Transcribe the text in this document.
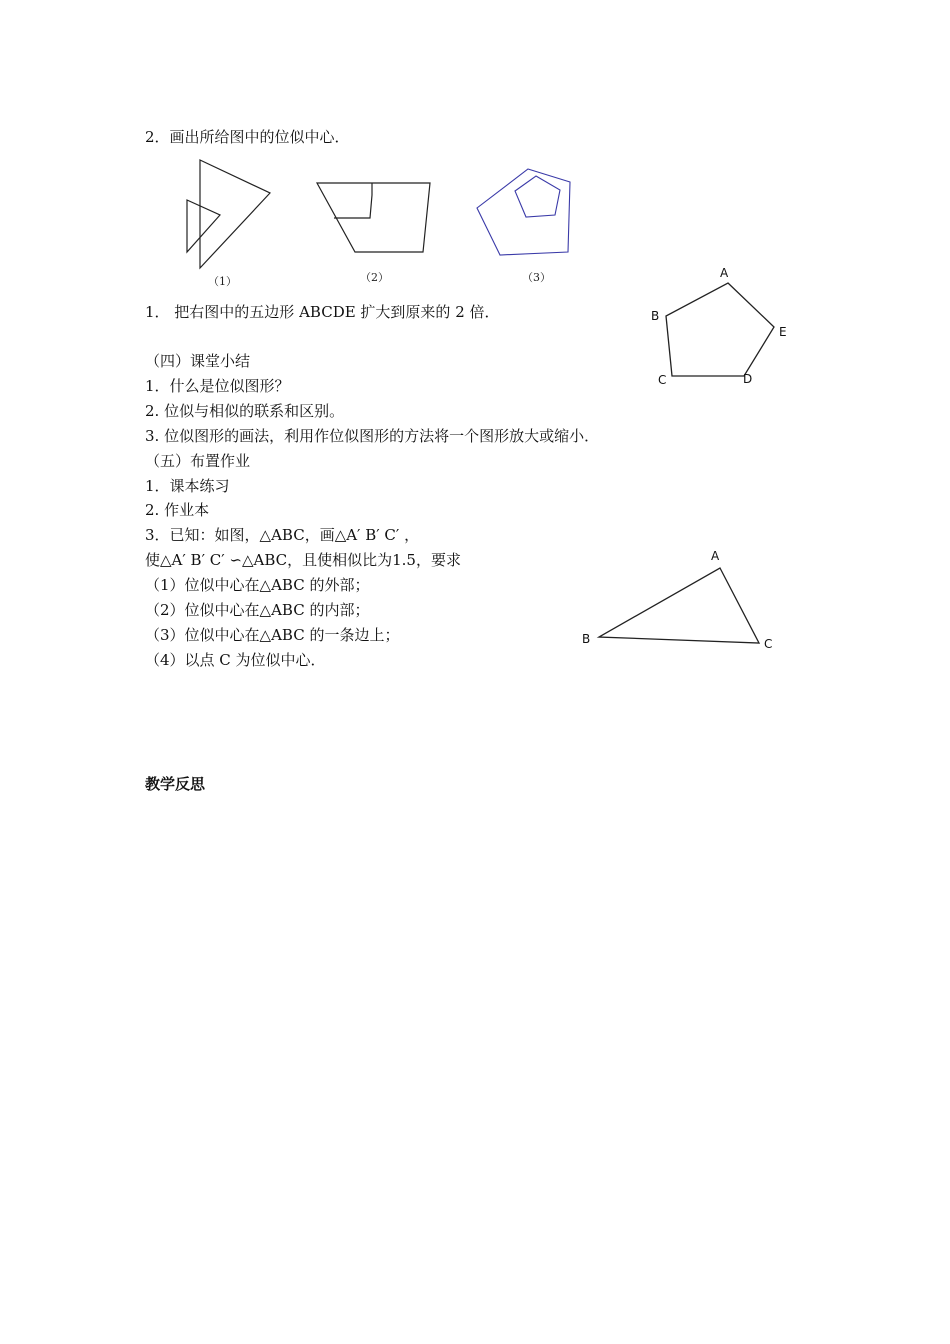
2．画出所给图中的位似中心．
（1）	（2）	（3）
1． 把右图中的五边形 ABCDE 扩大到原来的 2 倍．
A
B
C	D
E
（四）课堂小结
1．什么是位似图形？
2. 位似与相似的联系和区别。
3. 位似图形的画法，利用作位似图形的方法将一个图形放大或缩小．
（五）布置作业
1．课本练习
2. 作业本
3．已知：如图，△ABC，画△A′ B′ C′ ，
使△A′ B′ C′ ∽△ABC，且使相似比为1.5，要求
（1）位似中心在△ABC 的外部；
（2）位似中心在△ABC 的内部；
（3）位似中心在△ABC 的一条边上；
（4）以点 C 为位似中心．
A
B	C
教学反思
